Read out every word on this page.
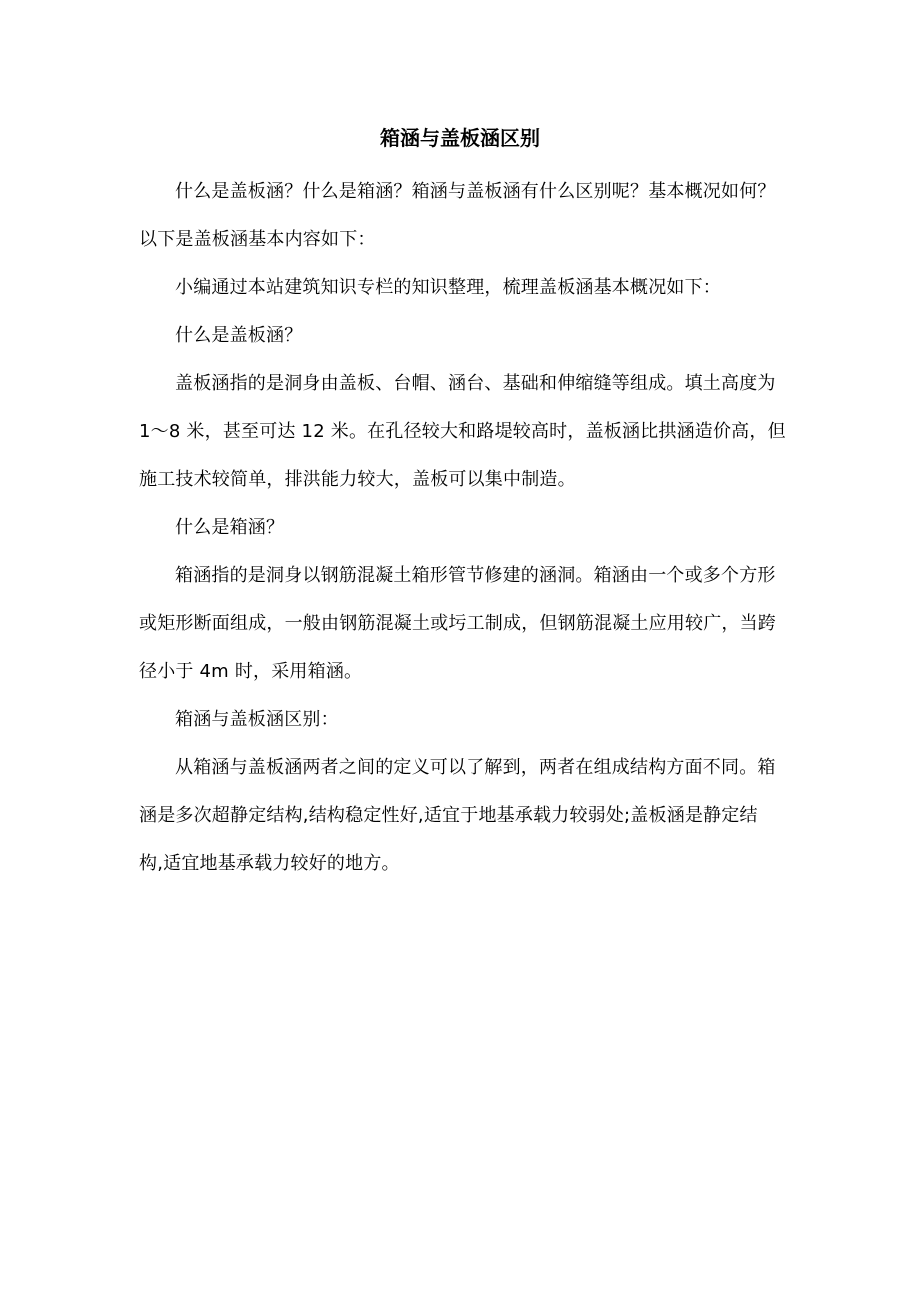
箱涵与盖板涵区别
什么是盖板涵？什么是箱涵？箱涵与盖板涵有什么区别呢？基本概况如何？
以下是盖板涵基本内容如下：
小编通过本站建筑知识专栏的知识整理，梳理盖板涵基本概况如下：
什么是盖板涵？
盖板涵指的是洞身由盖板、台帽、涵台、基础和伸缩缝等组成。填土高度为
1～8 米，甚至可达 12 米。在孔径较大和路堤较高时，盖板涵比拱涵造价高，但
施工技术较简单，排洪能力较大，盖板可以集中制造。
什么是箱涵？
箱涵指的是洞身以钢筋混凝土箱形管节修建的涵洞。箱涵由一个或多个方形
或矩形断面组成，一般由钢筋混凝土或圬工制成，但钢筋混凝土应用较广，当跨
径小于 4m 时，采用箱涵。
箱涵与盖板涵区别：
从箱涵与盖板涵两者之间的定义可以了解到，两者在组成结构方面不同。箱
涵是多次超静定结构,结构稳定性好,适宜于地基承载力较弱处;盖板涵是静定结
构,适宜地基承载力较好的地方。
